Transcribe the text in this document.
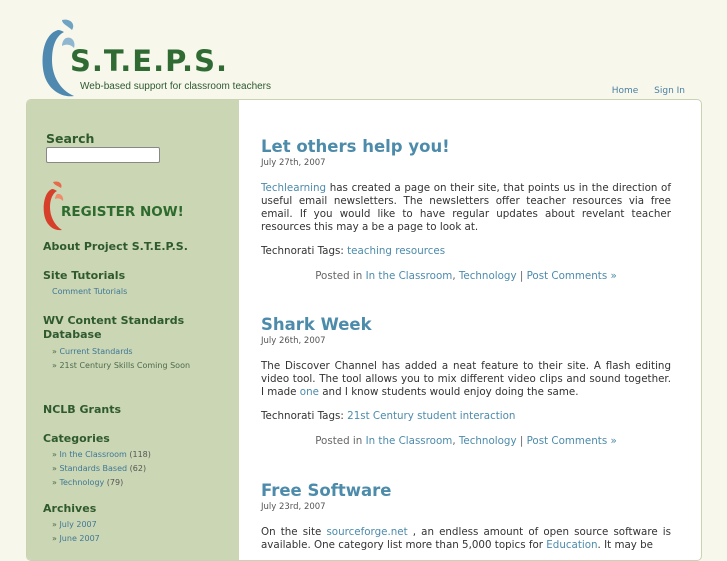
S.T.E.P.S.
Web-based support for classroom teachers	Home Sign In
Search
REGISTER NOW!
About Project S.T.E.P.S.
Site Tutorials
Comment Tutorials
WV Content Standards Database
» Current Standards
» 21st Century Skills Coming Soon
NCLB Grants
Categories
» In the Classroom (118)
» Standards Based (62)
» Technology (79)
Archives
» July 2007
» June 2007
Let others help you!
July 27th, 2007
Techlearning has created a page on their site, that points us in the direction of useful email newsletters. The newsletters offer teacher resources via free email. If you would like to have regular updates about revelant teacher resources this may a be a page to look at.
Technorati Tags: teaching resources
Posted in In the Classroom, Technology | Post Comments »
Shark Week
July 26th, 2007
The Discover Channel has added a neat feature to their site. A flash editing video tool. The tool allows you to mix different video clips and sound together. I made one and I know students would enjoy doing the same.
Technorati Tags: 21st Century student interaction
Posted in In the Classroom, Technology | Post Comments »
Free Software
July 23rd, 2007
On the site sourceforge.net , an endless amount of open source software is available. One category list more than 5,000 topics for Education. It may be
